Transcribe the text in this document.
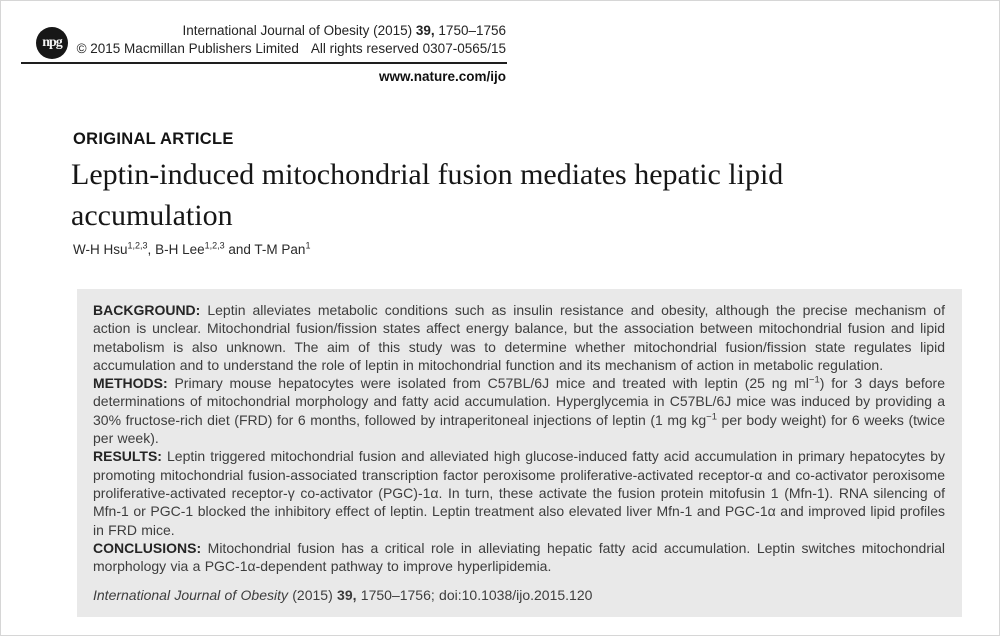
npg
International Journal of Obesity (2015) 39, 1750–1756
© 2015 Macmillan Publishers Limited All rights reserved 0307-0565/15
www.nature.com/ijo
ORIGINAL ARTICLE
Leptin-induced mitochondrial fusion mediates hepatic lipid accumulation
W-H Hsu$^{1,2,3}$, B-H Lee$^{1,2,3}$ and T-M Pan$^1$

BACKGROUND: Leptin alleviates metabolic conditions such as insulin resistance and obesity, although the precise mechanism of action is unclear. Mitochondrial fusion/fission states affect energy balance, but the association between mitochondrial fusion and lipid metabolism is also unknown. The aim of this study was to determine whether mitochondrial fusion/fission state regulates lipid accumulation and to understand the role of leptin in mitochondrial function and its mechanism of action in metabolic regulation.

METHODS: Primary mouse hepatocytes were isolated from C57BL/6J mice and treated with leptin (25 ng $ml^{-1}$) for 3 days before determinations of mitochondrial morphology and fatty acid accumulation. Hyperglycemia in C57BL/6J mice was induced by providing a 30% fructose-rich diet (FRD) for 6 months, followed by intraperitoneal injections of leptin (1 mg $kg^{-1}$ per body weight) for 6 weeks (twice per week).

RESULTS: Leptin triggered mitochondrial fusion and alleviated high glucose-induced fatty acid accumulation in primary hepatocytes by promoting mitochondrial fusion-associated transcription factor peroxisome proliferative-activated receptor-α and co-activator peroxisome proliferative-activated receptor-γ co-activator (PGC)-1α. In turn, these activate the fusion protein mitofusin 1 (Mfn-1). RNA silencing of Mfn-1 or PGC-1 blocked the inhibitory effect of leptin. Leptin treatment also elevated liver Mfn-1 and PGC-1α and improved lipid profiles in FRD mice.

CONCLUSIONS: Mitochondrial fusion has a critical role in alleviating hepatic fatty acid accumulation. Leptin switches mitochondrial morphology via a PGC-1α-dependent pathway to improve hyperlipidemia.

International Journal of Obesity (2015) 39, 1750–1756; doi:10.1038/ijo.2015.120
